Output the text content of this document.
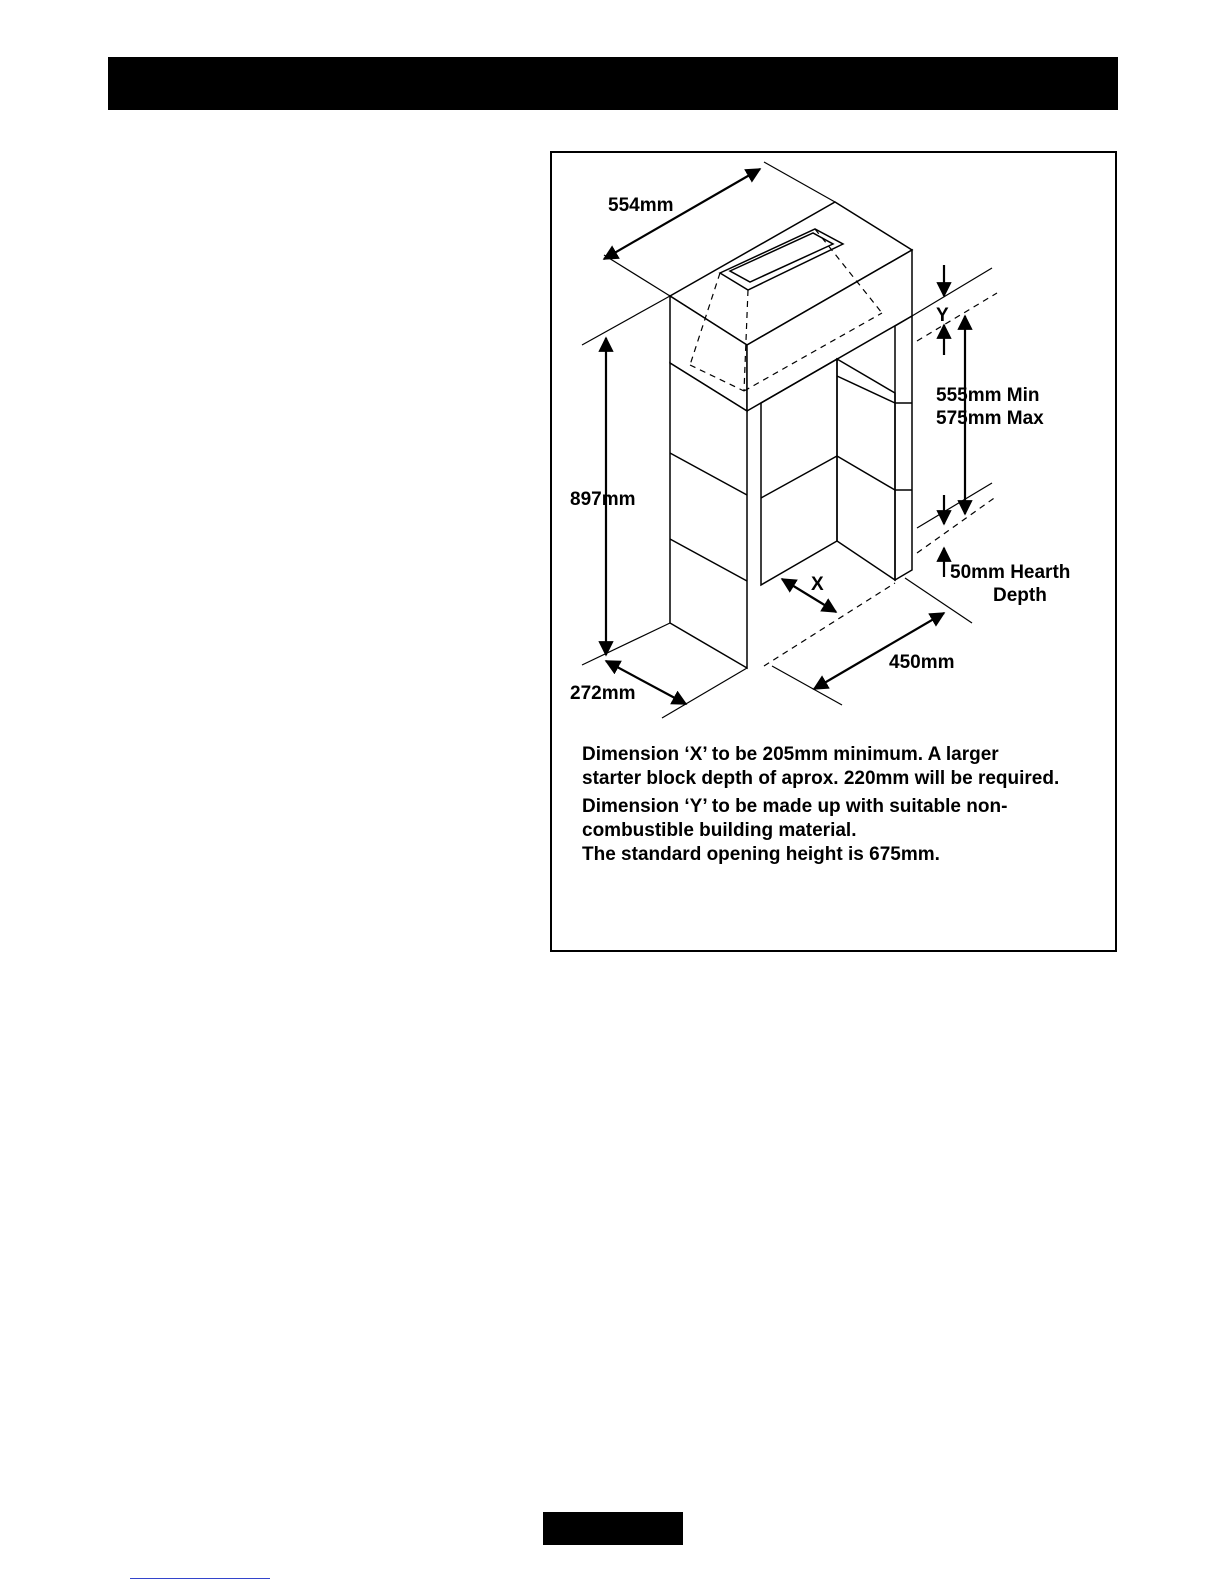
554mm
897mm
272mm
450mm
X
Y
555mm Min
575mm Max
50mm Hearth
Depth

Dimension ‘X’ to be 205mm minimum. A larger

starter block depth of aprox. 220mm will be required.

Dimension ‘Y’ to be made up with suitable non-

combustible building material.

The standard opening height is 675mm.
